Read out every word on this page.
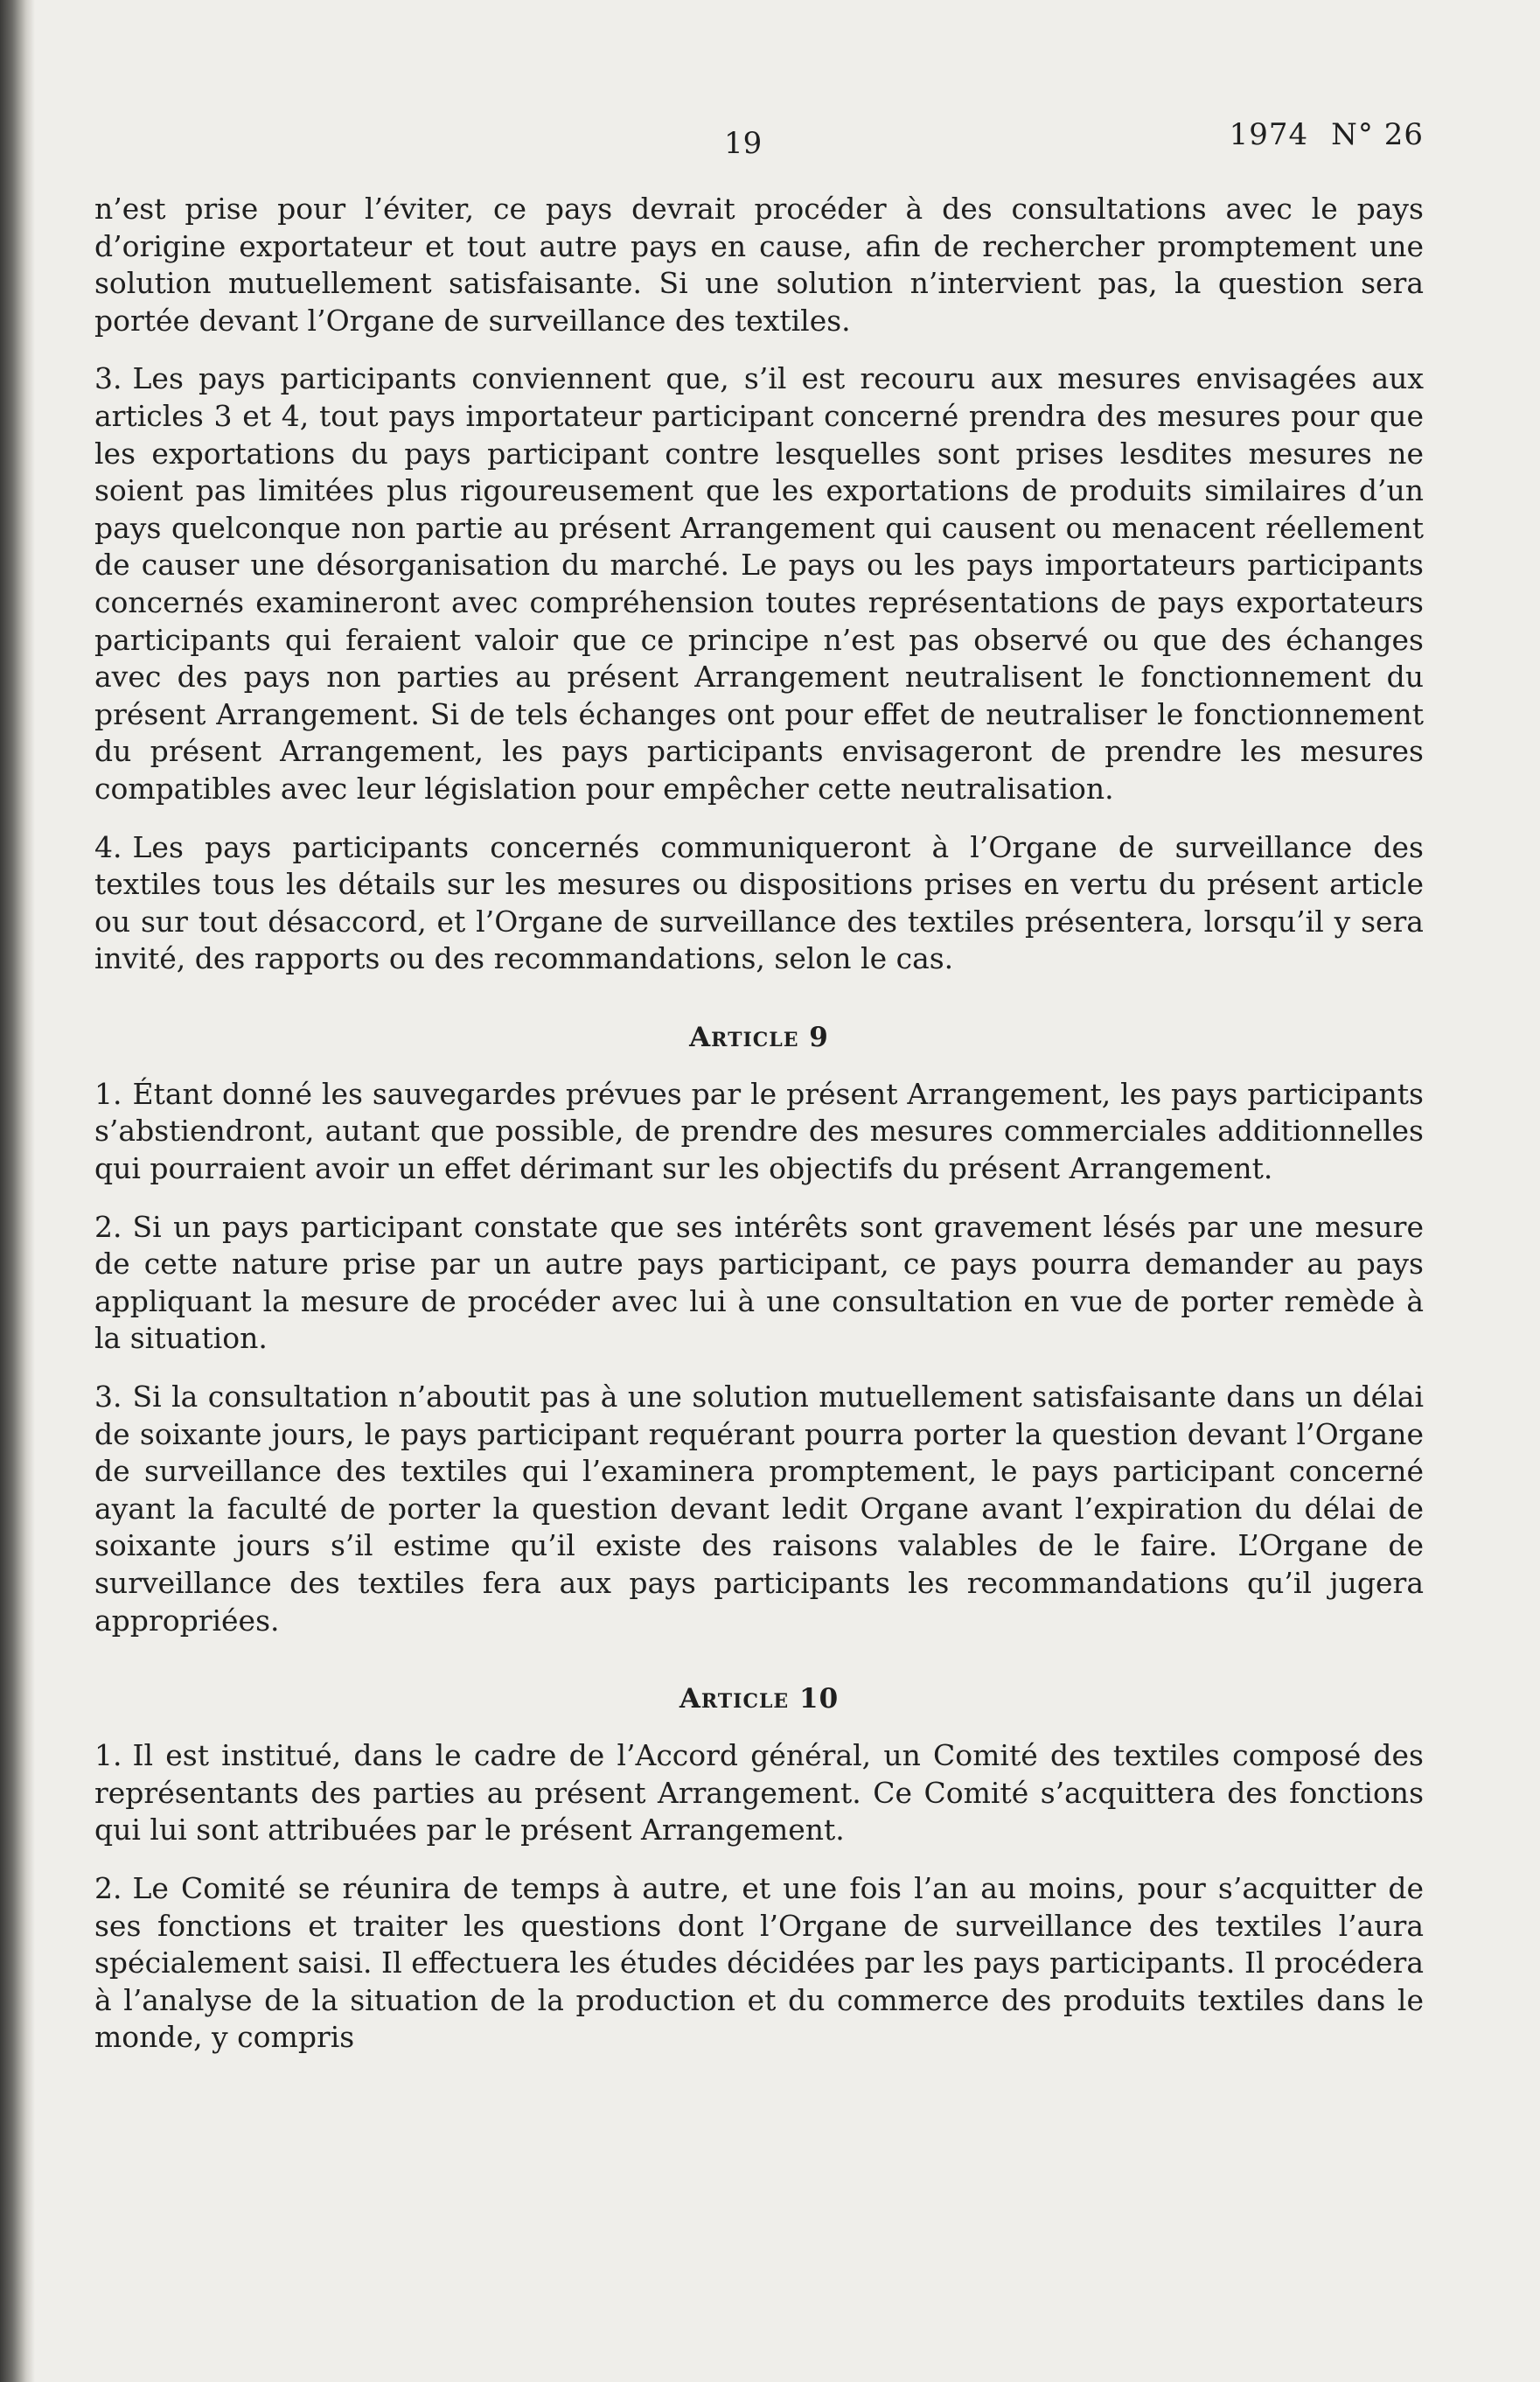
19	1974 N° 26

n’est prise pour l’éviter, ce pays devrait procéder à des consultations avec le pays d’origine exportateur et tout autre pays en cause, afin de rechercher promptement une solution mutuellement satisfaisante. Si une solution n’intervient pas, la question sera portée devant l’Organe de surveillance des textiles.

3. Les pays participants conviennent que, s’il est recouru aux mesures envisagées aux articles 3 et 4, tout pays importateur participant concerné prendra des mesures pour que les exportations du pays participant contre lesquelles sont prises lesdites mesures ne soient pas limitées plus rigoureusement que les exportations de produits similaires d’un pays quelconque non partie au présent Arrangement qui causent ou menacent réellement de causer une désorganisation du marché. Le pays ou les pays importateurs participants concernés examineront avec compréhension toutes représentations de pays exportateurs participants qui feraient valoir que ce principe n’est pas observé ou que des échanges avec des pays non parties au présent Arrangement neutralisent le fonctionnement du présent Arrangement. Si de tels échanges ont pour effet de neutraliser le fonctionnement du présent Arrangement, les pays participants envisageront de prendre les mesures compatibles avec leur législation pour empêcher cette neutralisation.

4. Les pays participants concernés communiqueront à l’Organe de surveillance des textiles tous les détails sur les mesures ou dispositions prises en vertu du présent article ou sur tout désaccord, et l’Organe de surveillance des textiles présentera, lorsqu’il y sera invité, des rapports ou des recommandations, selon le cas.

Article 9

1. Étant donné les sauvegardes prévues par le présent Arrangement, les pays participants s’abstiendront, autant que possible, de prendre des mesures commerciales additionnelles qui pourraient avoir un effet dérimant sur les objectifs du présent Arrangement.

2. Si un pays participant constate que ses intérêts sont gravement lésés par une mesure de cette nature prise par un autre pays participant, ce pays pourra demander au pays appliquant la mesure de procéder avec lui à une consultation en vue de porter remède à la situation.

3. Si la consultation n’aboutit pas à une solution mutuellement satisfaisante dans un délai de soixante jours, le pays participant requérant pourra porter la question devant l’Organe de surveillance des textiles qui l’examinera promptement, le pays participant concerné ayant la faculté de porter la question devant ledit Organe avant l’expiration du délai de soixante jours s’il estime qu’il existe des raisons valables de le faire. L’Organe de surveillance des textiles fera aux pays participants les recommandations qu’il jugera appropriées.

Article 10

1. Il est institué, dans le cadre de l’Accord général, un Comité des textiles composé des représentants des parties au présent Arrangement. Ce Comité s’acquittera des fonctions qui lui sont attribuées par le présent Arrangement.

2. Le Comité se réunira de temps à autre, et une fois l’an au moins, pour s’acquitter de ses fonctions et traiter les questions dont l’Organe de surveillance des textiles l’aura spécialement saisi. Il effectuera les études décidées par les pays participants. Il procédera à l’analyse de la situation de la production et du commerce des produits textiles dans le monde, y compris
